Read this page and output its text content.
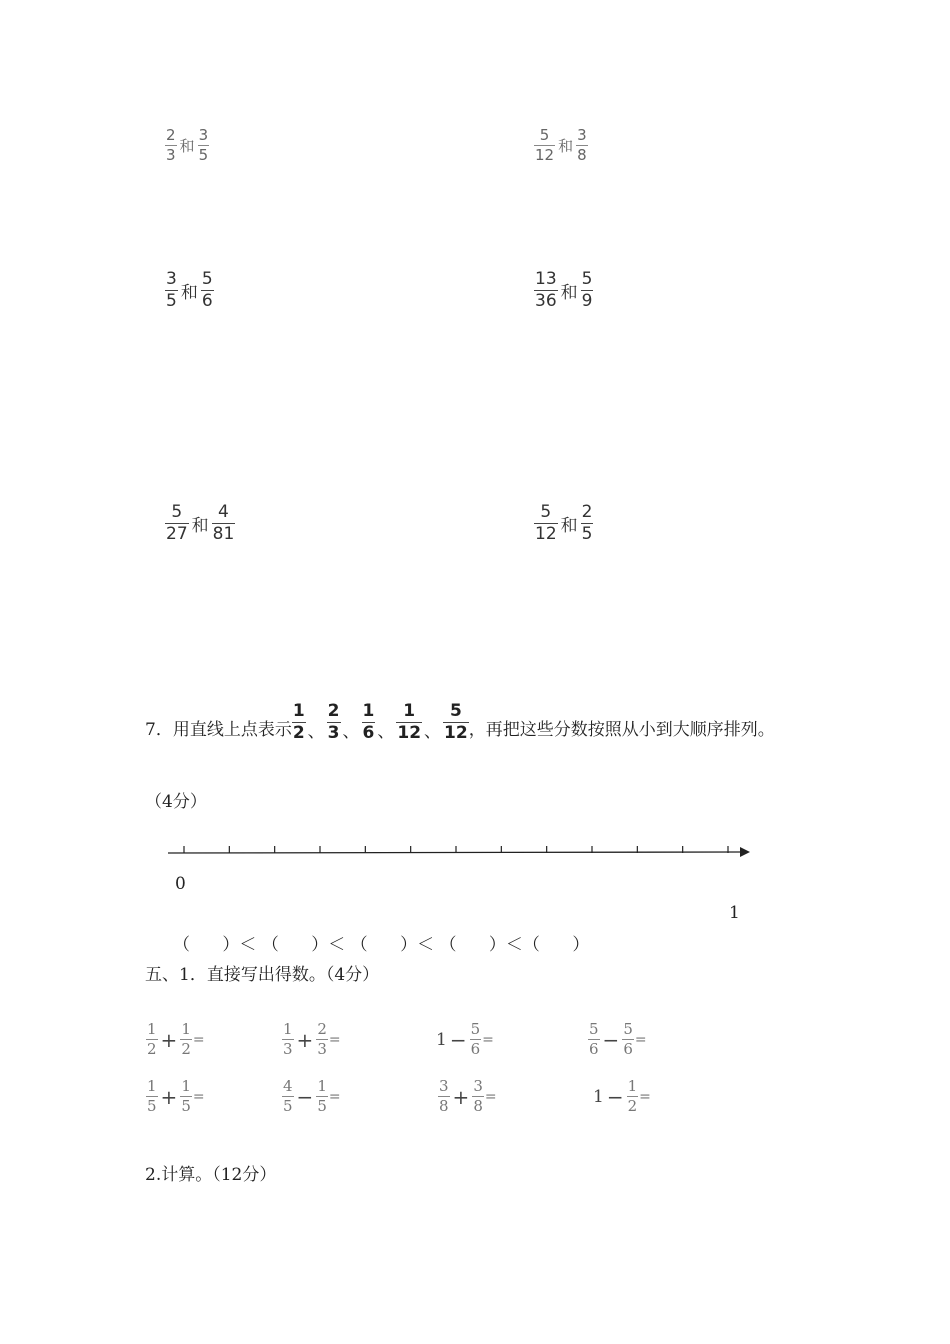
$\frac{2}{3}$ 和 $\frac{3}{5}$	$\frac{5}{12}$ 和 $\frac{3}{8}$
$\frac{3}{5}$ 和 $\frac{5}{6}$	$\frac{13}{36}$ 和 $\frac{5}{9}$
$\frac{5}{27}$ 和 $\frac{4}{81}$	$\frac{5}{12}$ 和 $\frac{2}{5}$
7．用直线上点表示 $\frac{1}{2}$ 、 $\frac{2}{3}$ 、 $\frac{1}{6}$ 、 $\frac{1}{12}$ 、 $\frac{5}{12}$ ，再把这些分数按照从小到大顺序排列。
（4分）
0
1
（      ）＜ （      ）＜ （      ）＜ （      ）＜（      ）
五、1．直接写出得数。（4分）
$\frac{1}{2} + \frac{1}{2}$ =	$\frac{1}{3} + \frac{2}{3}$ =	$1 - \frac{5}{6}$ =	$\frac{5}{6} - \frac{5}{6}$ =
$\frac{1}{5} + \frac{1}{5}$ =	$\frac{4}{5} - \frac{1}{5}$ =	$\frac{3}{8} + \frac{3}{8}$ =	$1 - \frac{1}{2}$ =
2.计算。（12分）
